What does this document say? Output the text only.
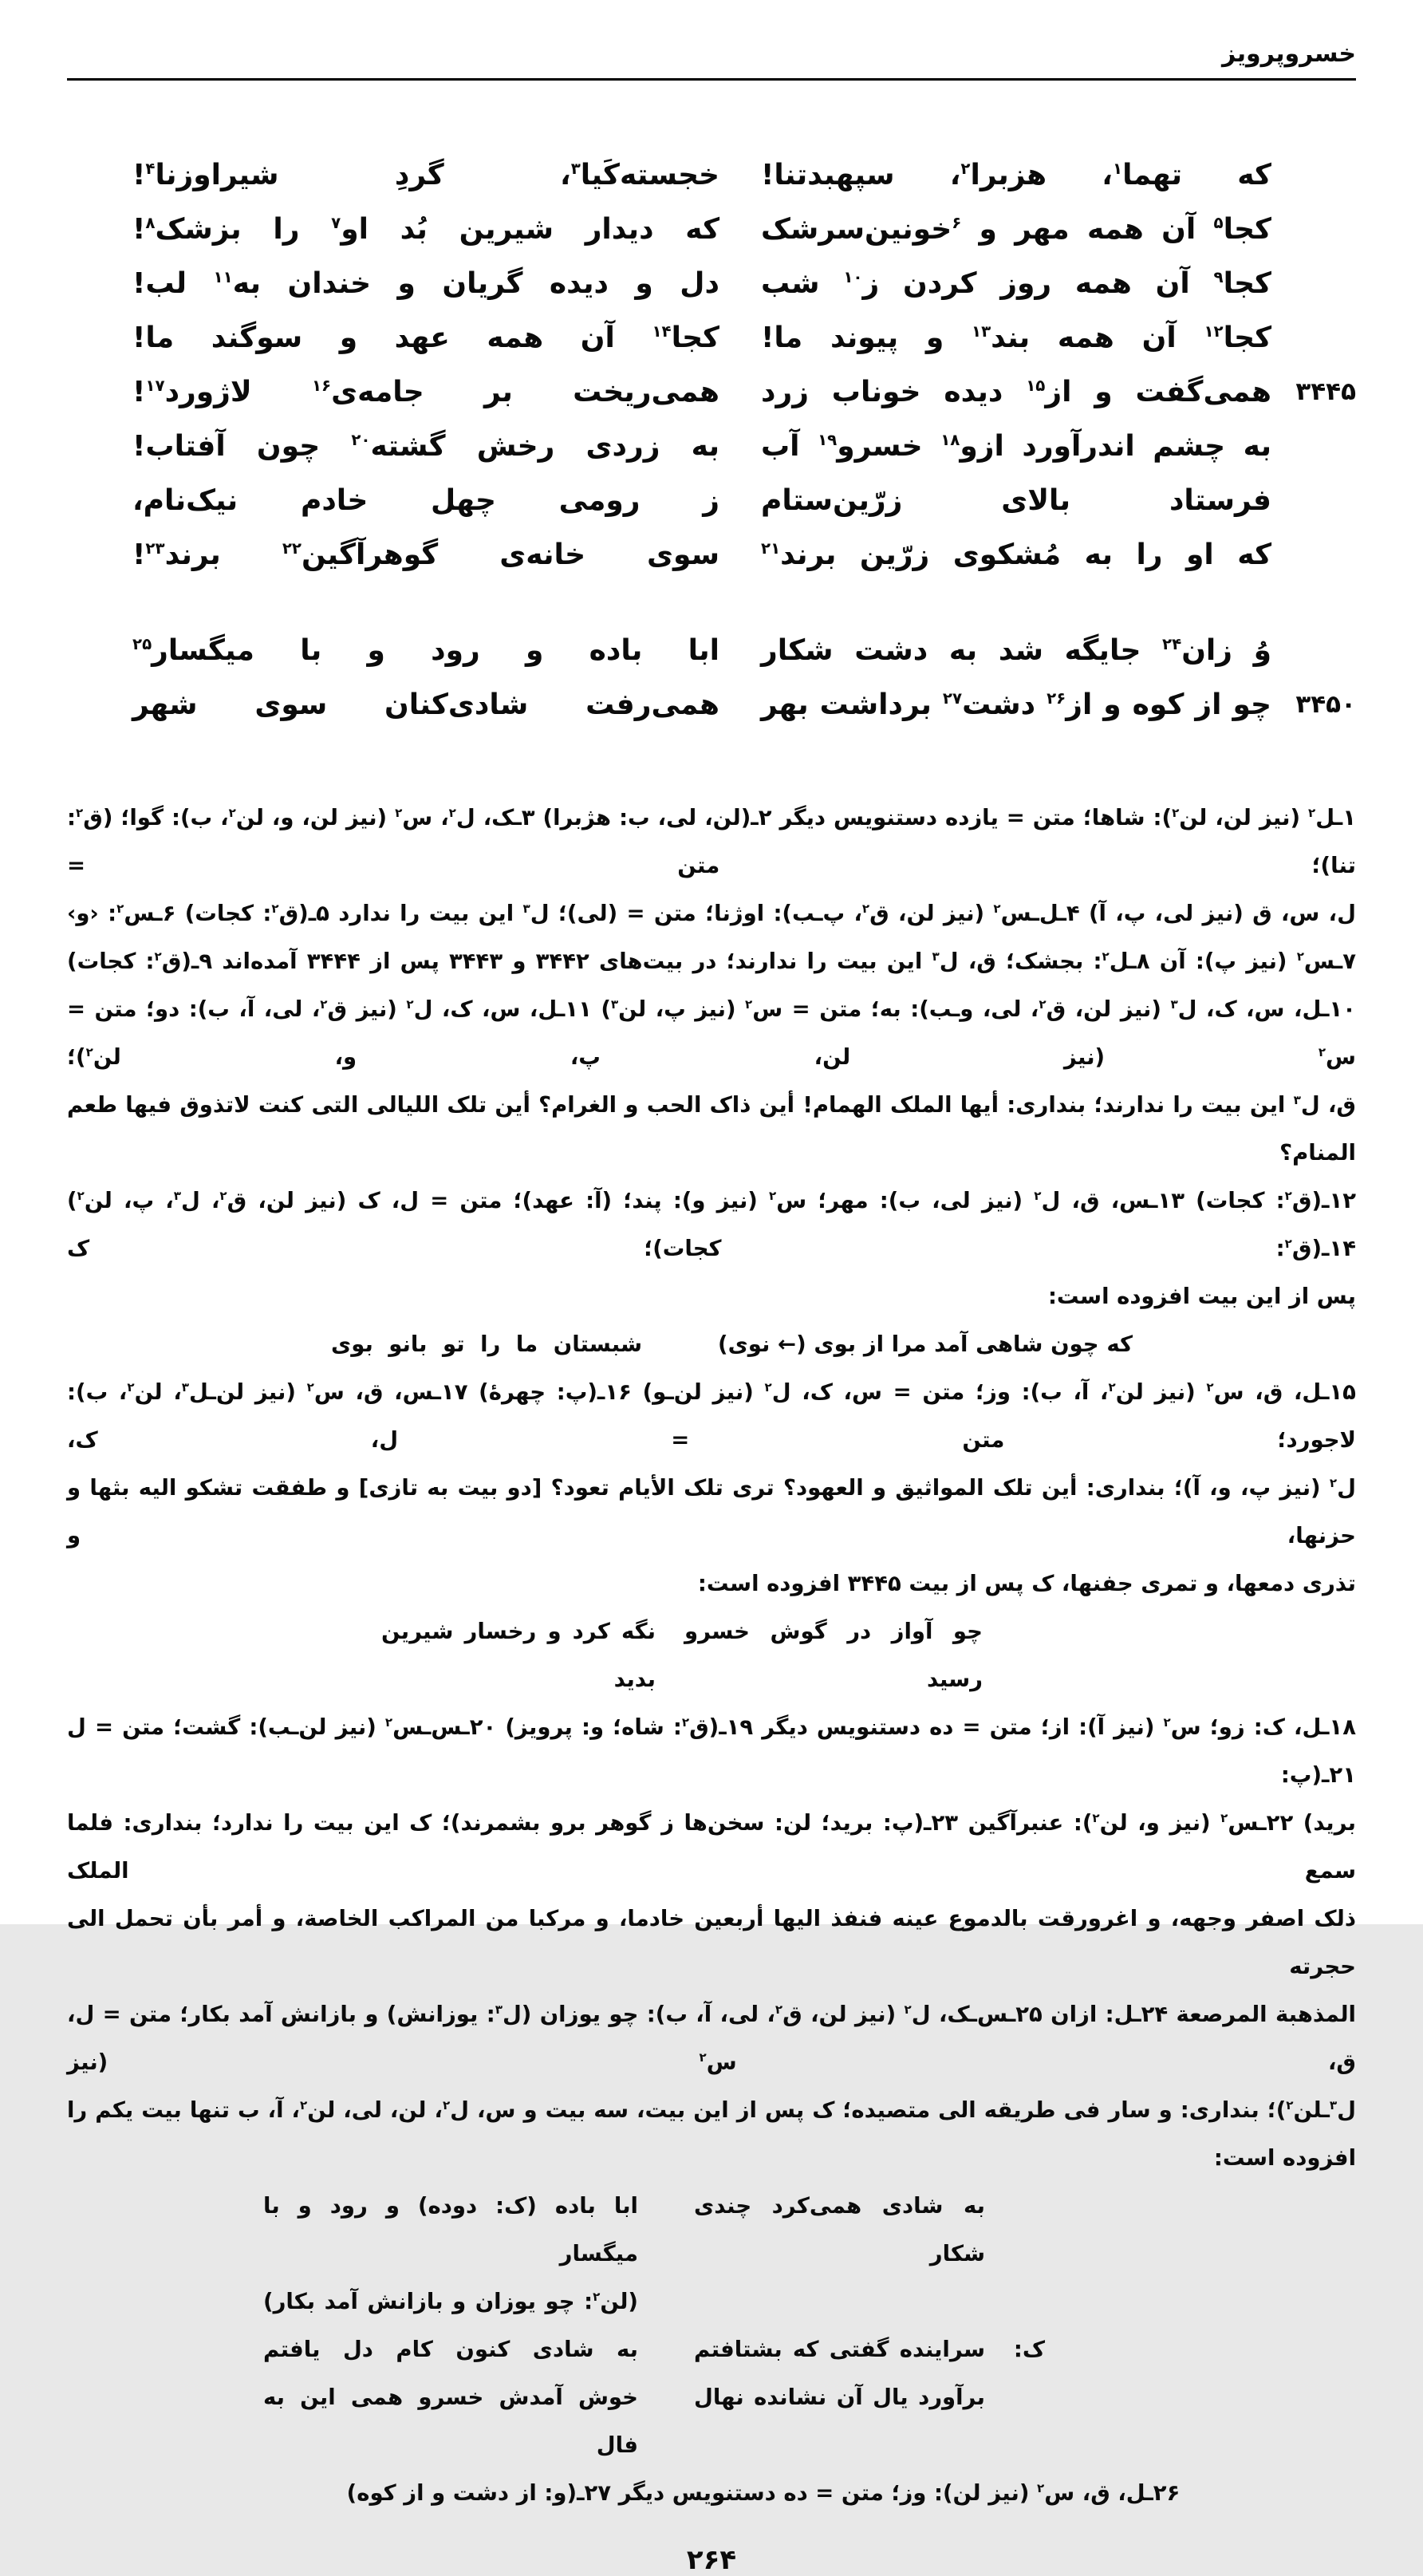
خسروپرویز
که تهما$^۱$، هزبرا$^۲$، سپهبدتنا!
خجسته‌کَیا$^۳$، گردِ شیراوزنا$^۴$!
کجا$^۵$ آن همه مهر و $^۶$خونین‌سرشک
که دیدار شیرین بُد او$^۷$ را بزشک$^۸$!
کجا$^۹$ آن همه روز کردن ز$^{۱۰}$ شب
دل و دیده گریان و خندان به$^{۱۱}$ لب!
کجا$^{۱۲}$ آن همه بند$^{۱۳}$ و پیوند ما!
کجا$^{۱۴}$ آن همه عهد و سوگند ما!
۳۴۴۵
همی‌گفت و از$^{۱۵}$ دیده خوناب زرد
همی‌ریخت بر جامه‌ی$^{۱۶}$ لاژورد$^{۱۷}$!
به چشم اندرآورد ازو$^{۱۸}$ خسرو$^{۱۹}$ آب
به زردی رخش گشته$^{۲۰}$ چون آفتاب!
فرستاد بالای زرّین‌ستام
ز رومی چهل خادم نیک‌نام،
که او را به مُشکوی زرّین برند$^{۲۱}$
سوی خانه‌ی گوهرآگین$^{۲۲}$ برند$^{۲۳}$!
وُ زان$^{۲۴}$ جایگه شد به دشت شکار
ابا باده و رود و با میگسار$^{۲۵}$
۳۴۵۰
چو از کوه و از$^{۲۶}$ دشت$^{۲۷}$ برداشت بهر
همی‌رفت شادی‌کنان سوی شهر
۱ـل$^۲$ (نیز لن، لن$^۲$): شاها؛ متن = یازده دستنویس دیگر ۲ـ(لن، لی، ب: هژبرا) ۳ـک، ل$^۲$، س$^۲$ (نیز لن، و، لن$^۲$، ب): گوا؛ (ق$^۲$: تنا)؛ متن =
ل، س، ق (نیز لی، پ، آ) ۴ـل‌ـس$^۲$ (نیز لن، ق$^۲$، پ‌ـب): اوژنا؛ متن = (لی)؛ ل$^۳$ این بیت را ندارد ۵ـ(ق$^۲$: کجات) ۶ـس$^۲$: ‹و›
۷ـس$^۲$ (نیز پ): آن ۸ـل$^۲$: بجشک؛ ق، ل$^۳$ این بیت را ندارند؛ در بیت‌های ۳۴۴۲ و ۳۴۴۳ پس از ۳۴۴۴ آمده‌اند ۹ـ(ق$^۲$: کجات)
۱۰ـل، س، ک، ل$^۳$ (نیز لن، ق$^۲$، لی، وـب): به؛ متن = س$^۲$ (نیز پ، لن$^۳$) ۱۱ـل، س، ک، ل$^۲$ (نیز ق$^۲$، لی، آ، ب): دو؛ متن = س$^۲$ (نیز لن، پ، و، لن$^۲$)؛
ق، ل$^۳$ این بیت را ندارند؛ بنداری: أیها الملک الهمام! أین ذاک الحب و الغرام؟ أین تلک اللیالی التی کنت لاتذوق فیها طعم المنام؟
۱۲ـ(ق$^۲$: کجات) ۱۳ـس، ق، ل$^۲$ (نیز لی، ب): مهر؛ س$^۲$ (نیز و): پند؛ (آ: عهد)؛ متن = ل، ک (نیز لن، ق$^۲$، ل$^۳$، پ، لن$^۲$) ۱۴ـ(ق$^۲$: کجات)؛ ک
پس از این بیت افزوده است:
که چون شاهی آمد مرا از بوی (← نوی)
شبستان ما را تو بانو بوی
۱۵ـل، ق، س$^۲$ (نیز لن$^۲$، آ، ب): وز؛ متن = س، ک، ل$^۲$ (نیز لن‌ـو) ۱۶ـ(پ: چهرهٔ) ۱۷ـس، ق، س$^۲$ (نیز لن‌ـل$^۳$، لن$^۲$، ب): لاجورد؛ متن = ل، ک،
ل$^۲$ (نیز پ، و، آ)؛ بنداری: أین تلک المواثیق و العهود؟ تری تلک الأیام تعود؟ [دو بیت به تازی] و طفقت تشکو الیه بثها و حزنها، و
تذری دمعها، و تمری جفنها، ک پس از بیت ۳۴۴۵ افزوده است:
چو آواز در گوش خسرو رسید
نگه کرد و رخسار شیرین بدید
۱۸ـل، ک: زو؛ س$^۲$ (نیز آ): از؛ متن = ده دستنویس دیگر ۱۹ـ(ق$^۲$: شاه؛ و: پرویز) ۲۰ـس‌ـس$^۲$ (نیز لن‌ـب): گشت؛ متن = ل ۲۱ـ(پ:
برید) ۲۲ـس$^۲$ (نیز و، لن$^۲$): عنبرآگین ۲۳ـ(پ: برید؛ لن: سخن‌ها ز گوهر برو بشمرند)؛ ک این بیت را ندارد؛ بنداری: فلما سمع الملک
ذلک اصفر وجهه، و اغرورقت بالدموع عینه فنفذ الیها أربعین خادما، و مرکبا من المراکب الخاصة، و أمر بأن تحمل الی حجرته
المذهبة المرصعة ۲۴ـل: ازان ۲۵ـس‌ـک، ل$^۲$ (نیز لن، ق$^۲$، لی، آ، ب): چو یوزان (ل$^۳$: یوزانش) و بازانش آمد بکار؛ متن = ل، ق، س$^۲$ (نیز
ل$^۳$ـلن$^۲$)؛ بنداری: و سار فی طریقه الی متصیده؛ ک پس از این بیت، سه بیت و س، ل$^۲$، لن، لی، لن$^۲$، آ، ب تنها بیت یکم را افزوده است:
به شادی همی‌کرد چندی شکار
ابا باده (ک: دوده) و رود و با میگسار
(لن$^۲$: چو یوزان و بازانش آمد بکار)
ک:
سراینده گفتی که بشتافتم
به شادی کنون کام دل یافتم
برآورد یال آن نشانده نهال
خوش آمدش خسرو همی این به فال
۲۶ـل، ق، س$^۲$ (نیز لن): وز؛ متن = ده دستنویس دیگر ۲۷ـ(و: از دشت و از کوه)
۲۶۴
